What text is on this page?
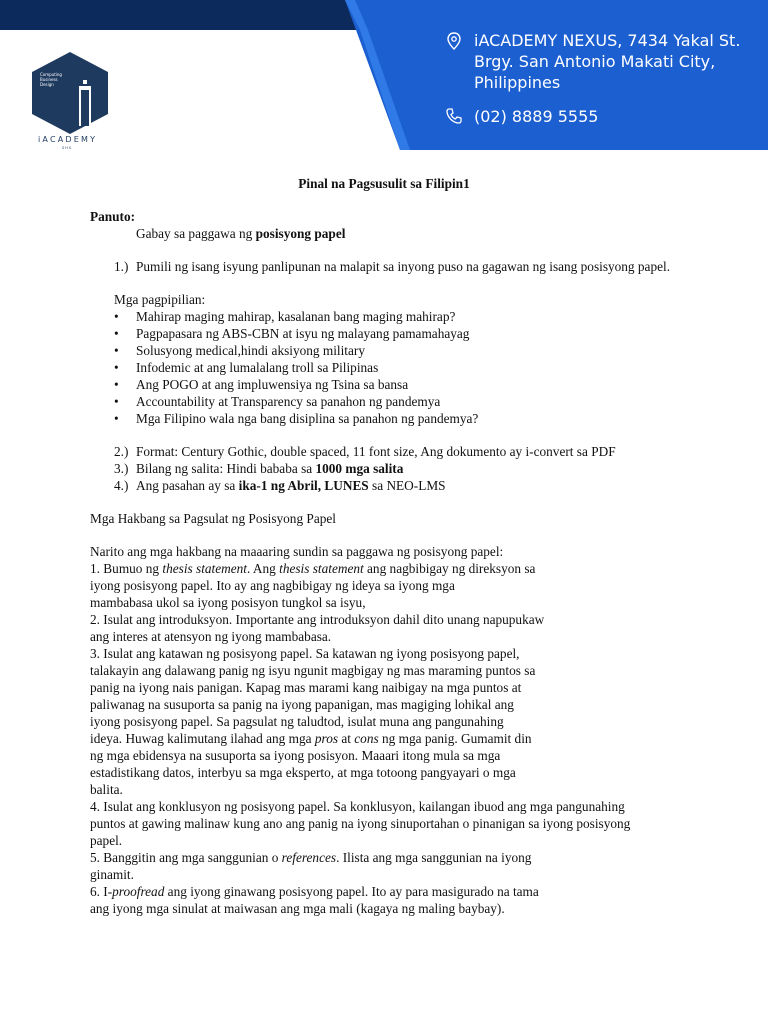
Computing
Business
Design
iACADEMY
SHS
iACADEMY NEXUS, 7434 Yakal St.
Brgy. San Antonio Makati City,
Philippines
(02) 8889 5555
Pinal na Pagsusulit sa Filipin1
Panuto:
Gabay sa paggawa ng posisyong papel
1.) Pumili ng isang isyung panlipunan na malapit sa inyong puso na gagawan ng isang posisyong papel.
Mga pagpipilian:
• Mahirap maging mahirap, kasalanan bang maging mahirap?
• Pagpapasara ng ABS-CBN at isyu ng malayang pamamahayag
• Solusyong medical,hindi aksiyong military
• Infodemic at ang lumalalang troll sa Pilipinas
• Ang POGO at ang impluwensiya ng Tsina sa bansa
• Accountability at Transparency sa panahon ng pandemya
• Mga Filipino wala nga bang disiplina sa panahon ng pandemya?
2.) Format: Century Gothic, double spaced, 11 font size, Ang dokumento ay i-convert sa PDF
3.) Bilang ng salita: Hindi bababa sa 1000 mga salita
4.) Ang pasahan ay sa ika-1 ng Abril, LUNES sa NEO-LMS
Mga Hakbang sa Pagsulat ng Posisyong Papel
Narito ang mga hakbang na maaaring sundin sa paggawa ng posisyong papel:
1. Bumuo ng thesis statement. Ang thesis statement ang nagbibigay ng direksyon sa
iyong posisyong papel. Ito ay ang nagbibigay ng ideya sa iyong mga
mambabasa ukol sa iyong posisyon tungkol sa isyu,
2. Isulat ang introduksyon. Importante ang introduksyon dahil dito unang napupukaw
ang interes at atensyon ng iyong mambabasa.
3. Isulat ang katawan ng posisyong papel. Sa katawan ng iyong posisyong papel,
talakayin ang dalawang panig ng isyu ngunit magbigay ng mas maraming puntos sa
panig na iyong nais panigan. Kapag mas marami kang naibigay na mga puntos at
paliwanag na susuporta sa panig na iyong papanigan, mas magiging lohikal ang
iyong posisyong papel. Sa pagsulat ng taludtod, isulat muna ang pangunahing
ideya. Huwag kalimutang ilahad ang mga pros at cons ng mga panig. Gumamit din
ng mga ebidensya na susuporta sa iyong posisyon. Maaari itong mula sa mga
estadistikang datos, interbyu sa mga eksperto, at mga totoong pangyayari o mga
balita.
4. Isulat ang konklusyon ng posisyong papel. Sa konklusyon, kailangan ibuod ang mga pangunahing
puntos at gawing malinaw kung ano ang panig na iyong sinuportahan o pinanigan sa iyong posisyong
papel.
5. Banggitin ang mga sanggunian o references. Ilista ang mga sanggunian na iyong
ginamit.
6. I-proofread ang iyong ginawang posisyong papel. Ito ay para masigurado na tama
ang iyong mga sinulat at maiwasan ang mga mali (kagaya ng maling baybay).
